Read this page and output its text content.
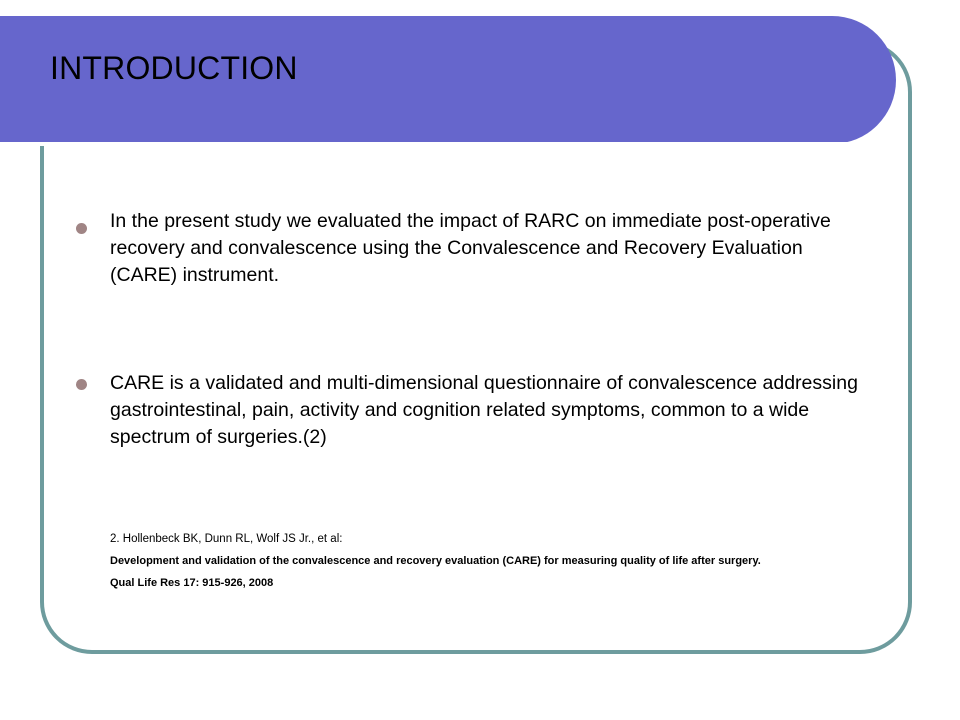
INTRODUCTION

In the present study we evaluated the impact of RARC on immediate post-operative recovery and convalescence using the Convalescence and Recovery Evaluation (CARE) instrument.

CARE is a validated and multi-dimensional questionnaire of convalescence addressing gastrointestinal, pain, activity and cognition related symptoms, common to a wide spectrum of surgeries.(2)

2. Hollenbeck BK, Dunn RL, Wolf JS Jr., et al:

Development and validation of the convalescence and recovery evaluation (CARE) for measuring quality of life after surgery.

Qual Life Res 17: 915-926, 2008
